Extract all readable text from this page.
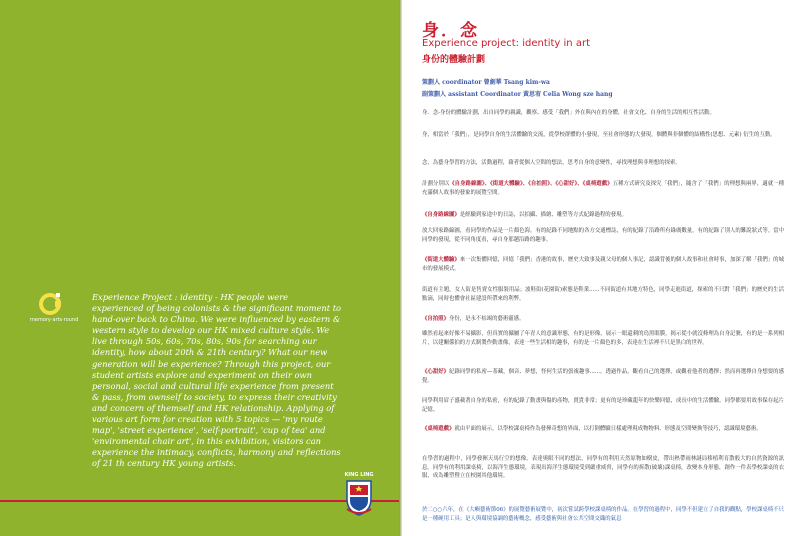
memory·arts·round

Experience Project : identity - HK people were experienced of being colonists & the significant moment to hand-over back to China. We were influenced by eastern & western style to develop our HK mixed culture style. We live through 50s, 60s, 70s, 80s, 90s for searching our identity, how about 20th & 21th century? What our new generation will be experience? Through this project, our student artists explore and experiment on their own personal, social and cultural life experience from present & pass, from ownself to society, to express their creativity and concern of themself and HK relationship. Applying of various art form for creation with 5 topics — 'my route map', 'street experience', 'self-portrait', 'cup of tea' and 'enviromental chair art', in this exhibition, visitors can experience the intimacy, conflicts, harmony and reflections of 21 th century HK young artists.

KING LING
身．念
Experience project: identity in art
身份的體驗計劃
策劃人 coordinator 曾劍華 Tsang kim-wa
副策劃人 assistant Coordinator 黃思宥 Celia Wong sze hang

身．念-身份的體驗計劃，出自同學的親識，觀察、感受「我們」外在與內在的身體，社會文化、自身的生活的相互性活動。

身，相當於「我們」，是同學自身的生活體驗的交流，從學校群體的小發現，至社會形態的大發現，個體與非個體的結構性(思想、元素) 衍生的互動。

念，為藝身學習的方法，活動過程，藉者從個人空間的想法，思考自身的意變性，尋找理想與非理想的探索。

計劃分別以《自身路線圖》、《街道大體驗》、《自拍照》、《心甜好》、《桌椅遊戲》五種方式研究及探究「我們」，隨含了「我們」的理想與兩界，適就一種充滿個人故事的發象的展覽空間。

《自身路線圖》是經驗到家途中的日誌，以拍攝、描繪、雕塑等方式紀錄過程的發現。

放大回家路線圖，看同學的作品是一片顏色海。有的紀錄不同地點的各方交通標誌，有的紀錄了沿路所有綠廣數量，有的紀錄了別人的難說狀式等。當中同學的發現，從不同角度看，尋自身那趟沿路的趣事。

《街道大體驗》來一次集體回憶，回憶「我們」香港的故事，歷史大致事及親父母的個人事記，認識背後的個人故事和社會時事，加深了解「我們」的城市的發展模式。

街道有主題，女人街是售賣女性服裝用品；波鞋街(花園街)索態是鞋業......不同街道有其地方特色，同學走進街道，探索的不只對「我們」的歷史的生活點滴，同時也體會社區建設所帶來的利弊。

《自拍照》身份，是永不枯竭的藝術靈感。

雖然看起來好像不易攝影，但真實的攝屬了年青人的意識形態，有的是形像，展示一眼還刺的鳥黑眼膜，揭示從小就沒條理為自身記號，有的是一系列相片，以建關係拍的方式制製作動畫像，表達一些生活相的趣事，有的是一片顏色的多，表達在生活裡不只是黑白的世界。

《心甜好》紀錄同學的私密—茶藏，個音、夢想，怪何生活的張複趣事......。透過作品，觀看自己的選擇，或觀看他者的選擇；然而再選擇自身想要的感覺。

同學利用眉子盛載著自身的私密，有的紀錄了動畫與傷的產物，賣貴非常；更有的是珍藏龍年的快樂回憶，成長中的生活體驗。同學都要用故事保存起片記憶。

《桌椅遊戲》就由平面的展示，以學校課桌椅作為發揮奇想的界面，以打倒體驗日樣處理現成物物料、形態及空間變換等技巧，認識環境藝術。

在學習的過程中，同學發揮天馬行空的想像，表達奧眼不同的想法，同學有的利用天然原物如樹皮，帶出熱帶雨林謎局移植利育散般大的自然資源的訊息。同學有的利用課桌椅，以海洋生態環境，表現出海洋生態環境受到嚴重威脅，同學有的拆散(破壞)課桌椅，改變本身形態，創作一件表學校課桌的衣服，成為雕塑暨立在校園其他環境。

於二○○六年，在《大嶼藝術節06》的展覽藝術展覽中，初次嘗試跨學校課桌椅的作品。在學習的過程中，同學不但建立了自我的觀點，學校課桌椅不只是一種硬用工具；是人與環境協調的藝術概念，感受藝術與社會公共空間交織的氣息
